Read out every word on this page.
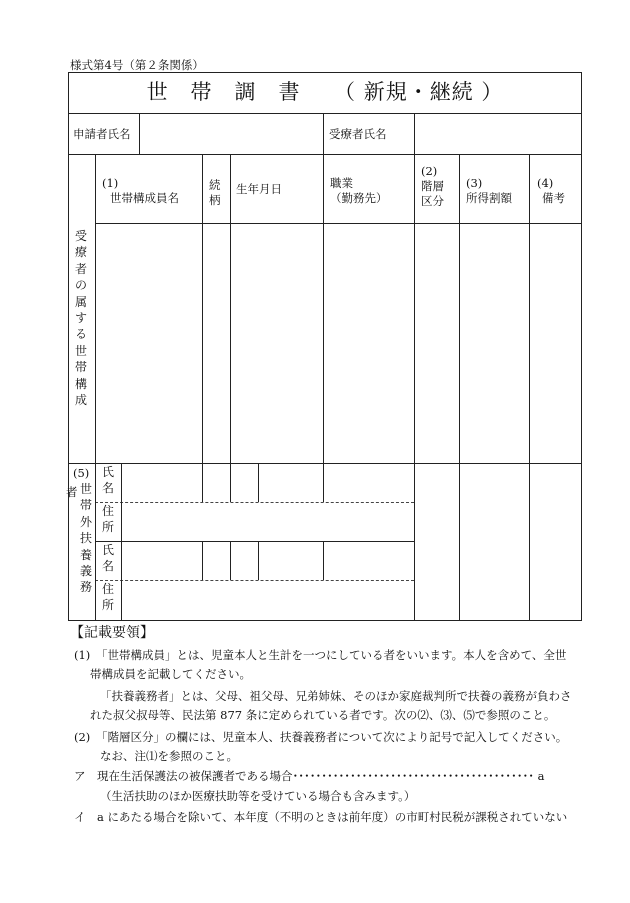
様式第4号（第２条関係）
世　帯　調　書　　（ 新規・継続 ）
申請者氏名	受療者氏名
(1)
世帯構成員名
続
柄
生年月日	職業
（勤務先）
(2)
階層
区分
(3)
所得割額
(4)
備考
受
療
者
の
属
す
る
世
帯
構
成
(5)
世
帯
外
扶
養
義
務
者
氏
名
住
所
氏
名
住
所
【記載要領】
(1)　「世帯構成員」とは、児童本人と生計を一つにしている者をいいます。本人を含めて、全世
帯構成員を記載してください。
「扶養義務者」とは、父母、祖父母、兄弟姉妹、そのほか家庭裁判所で扶養の義務が負わさ
れた叔父叔母等、民法第 877 条に定められている者です。次の⑵、⑶、⑸で参照のこと。
(2)　「階層区分」の欄には、児童本人、扶養義務者について次により記号で記入してください。
なお、注⑴を参照のこと。
ア　現在生活保護法の被保護者である場合･･････････････････････････････････････････ a
（生活扶助のほか医療扶助等を受けている場合も含みます。）
イ　a にあたる場合を除いて、本年度（不明のときは前年度）の市町村民税が課税されていない
